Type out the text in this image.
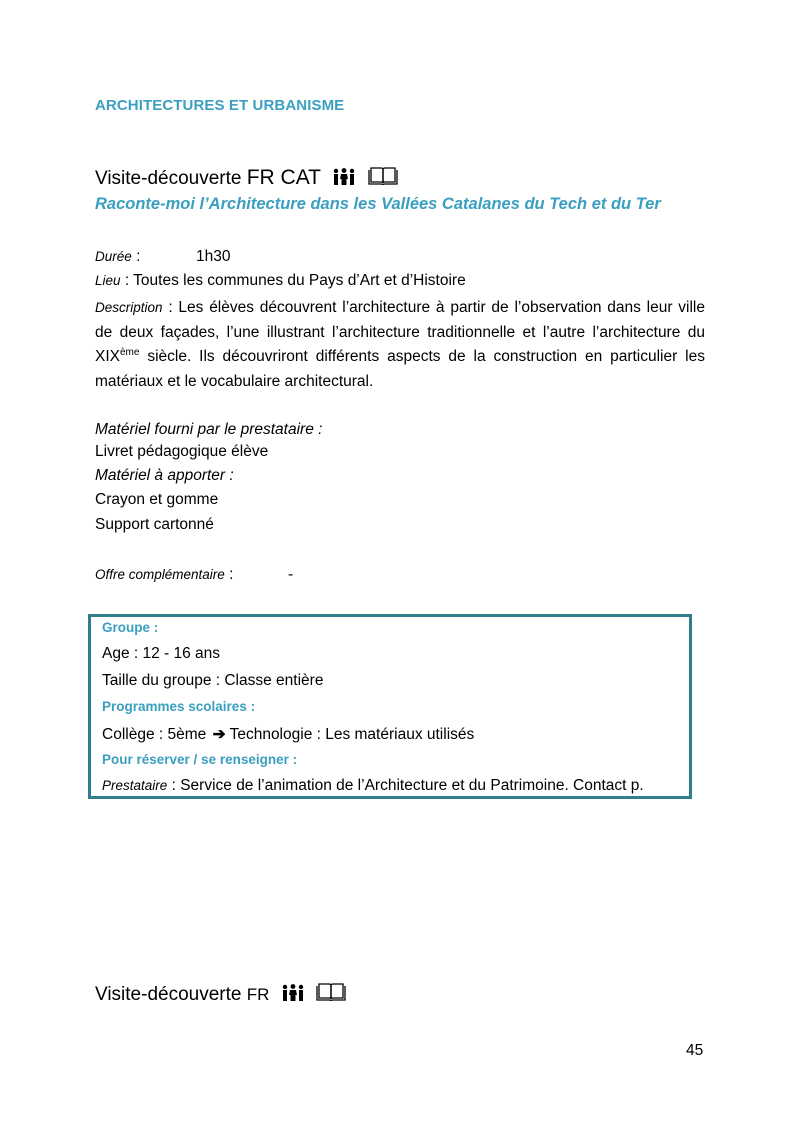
ARCHITECTURES ET URBANISME
Visite-découverte FR CAT
Raconte-moi l’Architecture dans les Vallées Catalanes du Tech et du Ter
Durée :	1h30
Lieu : Toutes les communes du Pays d’Art et d’Histoire
Description : Les élèves découvrent l’architecture à partir de l’observation dans leur ville de deux façades, l’une illustrant l’architecture traditionnelle et l’autre l’architecture du XIXème siècle. Ils découvriront différents aspects de la construction en particulier les matériaux et le vocabulaire architectural.
Matériel fourni par le prestataire :
Livret pédagogique élève
Matériel à apporter :
Crayon et gomme
Support cartonné
Offre complémentaire :	-
Groupe :
Age : 12 - 16 ans
Taille du groupe : Classe entière
Programmes scolaires :
Collège : 5ème ➔ Technologie : Les matériaux utilisés
Pour réserver / se renseigner :
Prestataire : Service de l’animation de l’Architecture et du Patrimoine. Contact p.
Visite-découverte FR
45
